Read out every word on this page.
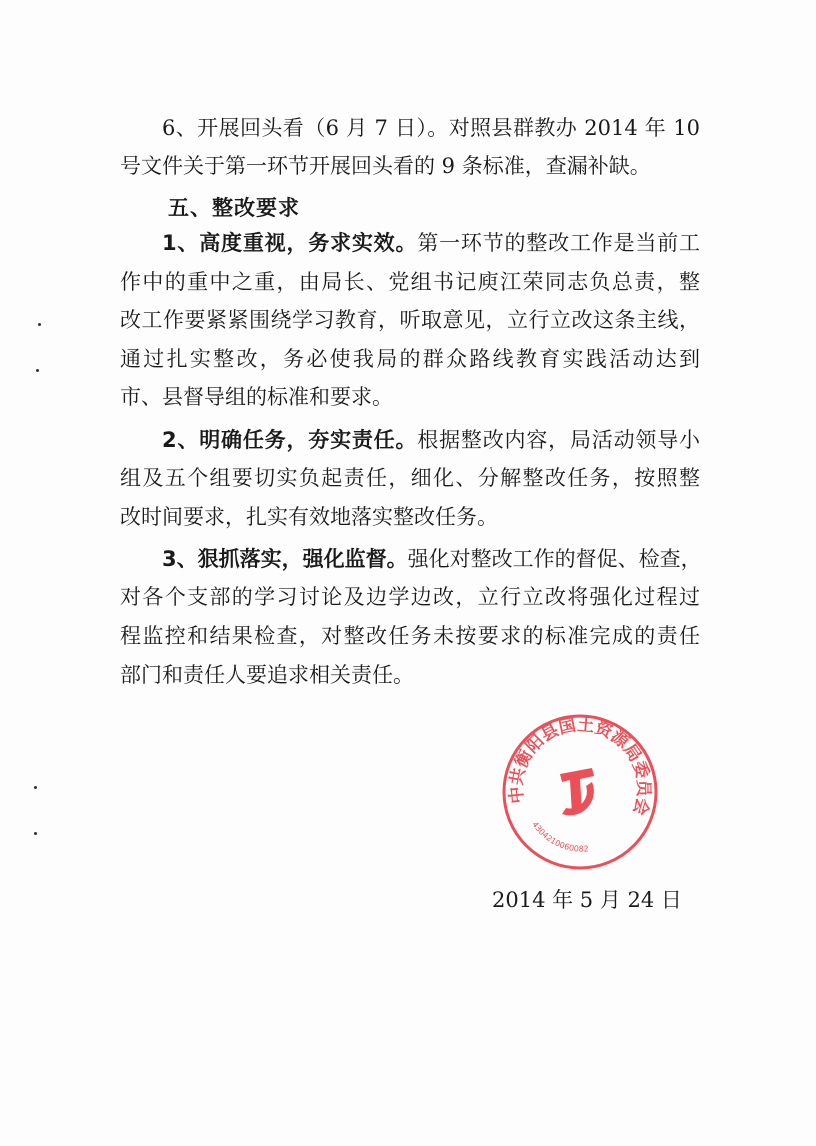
6、开展回头看（6 月 7 日）。对照县群教办 2014 年 10
号文件关于第一环节开展回头看的 9 条标准，查漏补缺。
五、整改要求
1、高度重视，务求实效。第一环节的整改工作是当前工
作中的重中之重，由局长、党组书记庾江荣同志负总责，整
改工作要紧紧围绕学习教育，听取意见，立行立改这条主线，
通过扎实整改，务必使我局的群众路线教育实践活动达到
市、县督导组的标准和要求。
2、明确任务，夯实责任。根据整改内容，局活动领导小
组及五个组要切实负起责任，细化、分解整改任务，按照整
改时间要求，扎实有效地落实整改任务。
3、狠抓落实，强化监督。强化对整改工作的督促、检查，
对各个支部的学习讨论及边学边改，立行立改将强化过程过
程监控和结果检查，对整改任务未按要求的标准完成的责任
部门和责任人要追求相关责任。
中共衡阳县国土资源局委员会
4304210060082
2014 年 5 月 24 日
